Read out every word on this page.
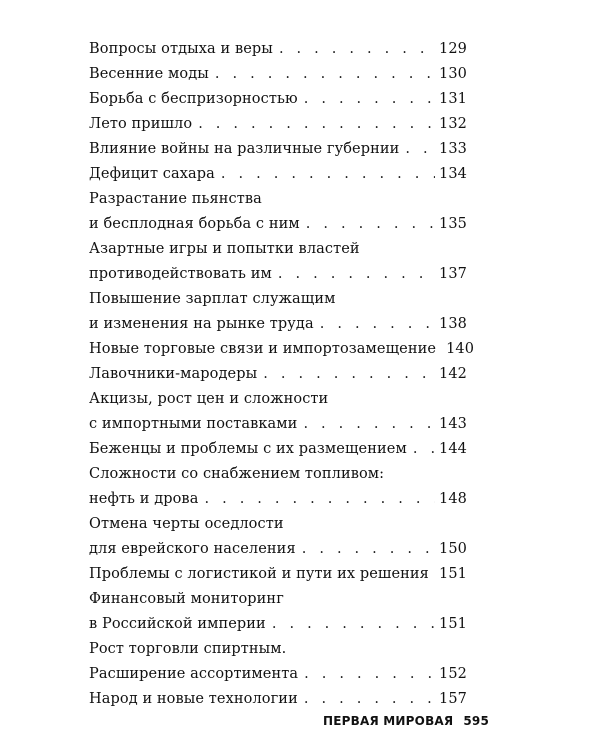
Вопросы отдыха и веры . . .	129
Весенние моды . . .	130
Борьба с беспризорностью . . .	131
Лето пришло . . .	132
Влияние войны на различные губернии . . .	133
Дефицит сахара . . .	134
Разрастание пьянства
и бесплодная борьба с ним . . .	135
Азартные игры и попытки властей
противодействовать им . . .	137
Повышение зарплат служащим
и изменения на рынке труда . . .	138
Новые торговые связи и импортозамещение 140
Лавочники-мародеры . . .	142
Акцизы, рост цен и сложности
с импортными поставками . . .	143
Беженцы и проблемы с их размещением . . . 144
Сложности со снабжением топливом:
нефть и дрова . . .	148
Отмена черты оседлости
для еврейского населения . . .	150
Проблемы с логистикой и пути их решения . . . 151
Финансовый мониторинг
в Российской империи . . .	151
Рост торговли спиртным.
Расширение ассортимента . . .	152
Народ и новые технологии . . .	157
ПЕРВАЯ МИРОВАЯ 595
